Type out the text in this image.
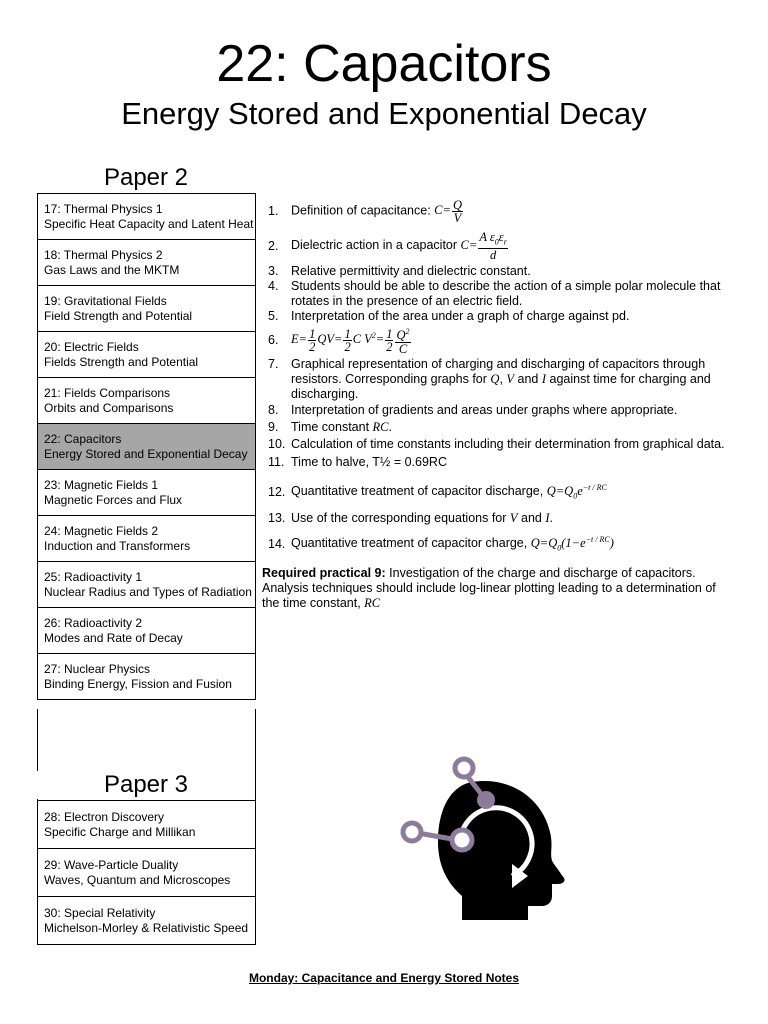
22: Capacitors
Energy Stored and Exponential Decay
Paper 2
17: Thermal Physics 1
Specific Heat Capacity and Latent Heat
18: Thermal Physics 2
Gas Laws and the MKTM
19: Gravitational Fields
Field Strength and Potential
20: Electric Fields
Fields Strength and Potential
21: Fields Comparisons
Orbits and Comparisons
22: Capacitors
Energy Stored and Exponential Decay
23: Magnetic Fields 1
Magnetic Forces and Flux
24: Magnetic Fields 2
Induction and Transformers
25: Radioactivity 1
Nuclear Radius and Types of Radiation
26: Radioactivity 2
Modes and Rate of Decay
27: Nuclear Physics
Binding Energy, Fission and Fusion
Paper 3
28: Electron Discovery
Specific Charge and Millikan
29: Wave-Particle Duality
Waves, Quantum and Microscopes
30: Special Relativity
Michelson-Morley & Relativistic Speed
1.	Definition of capacitance: $C= \frac{Q}{V}$
2.	Dielectric action in a capacitor $C= \frac{A \varepsilon_0\varepsilon_r}{d}$
3.	Relative permittivity and dielectric constant.
4.	Students should be able to describe the action of a simple polar molecule that rotates in the presence of an electric field.
5.	Interpretation of the area under a graph of charge against pd.
6.	$E= \frac{1}{2} QV= \frac{1}{2}$ C $V^2= \frac{1}{2} \frac{Q^2}{C}$
7.	Graphical representation of charging and discharging of capacitors through resistors. Corresponding graphs for Q, V and I against time for charging and discharging.
8.	Interpretation of gradients and areas under graphs where appropriate.
9.	Time constant RC.
10. Calculation of time constants including their determination from graphical data.
11. Time to halve, T½ = 0.69RC
12. Quantitative treatment of capacitor discharge, $Q=Q_0e^{-t / RC}$
13. Use of the corresponding equations for V and I.
14. Quantitative treatment of capacitor charge, $Q=Q_0(1-e^{-t / RC})$
Required practical 9: Investigation of the charge and discharge of capacitors. Analysis techniques should include log-linear plotting leading to a determination of the time constant, RC
Monday: Capacitance and Energy Stored Notes
